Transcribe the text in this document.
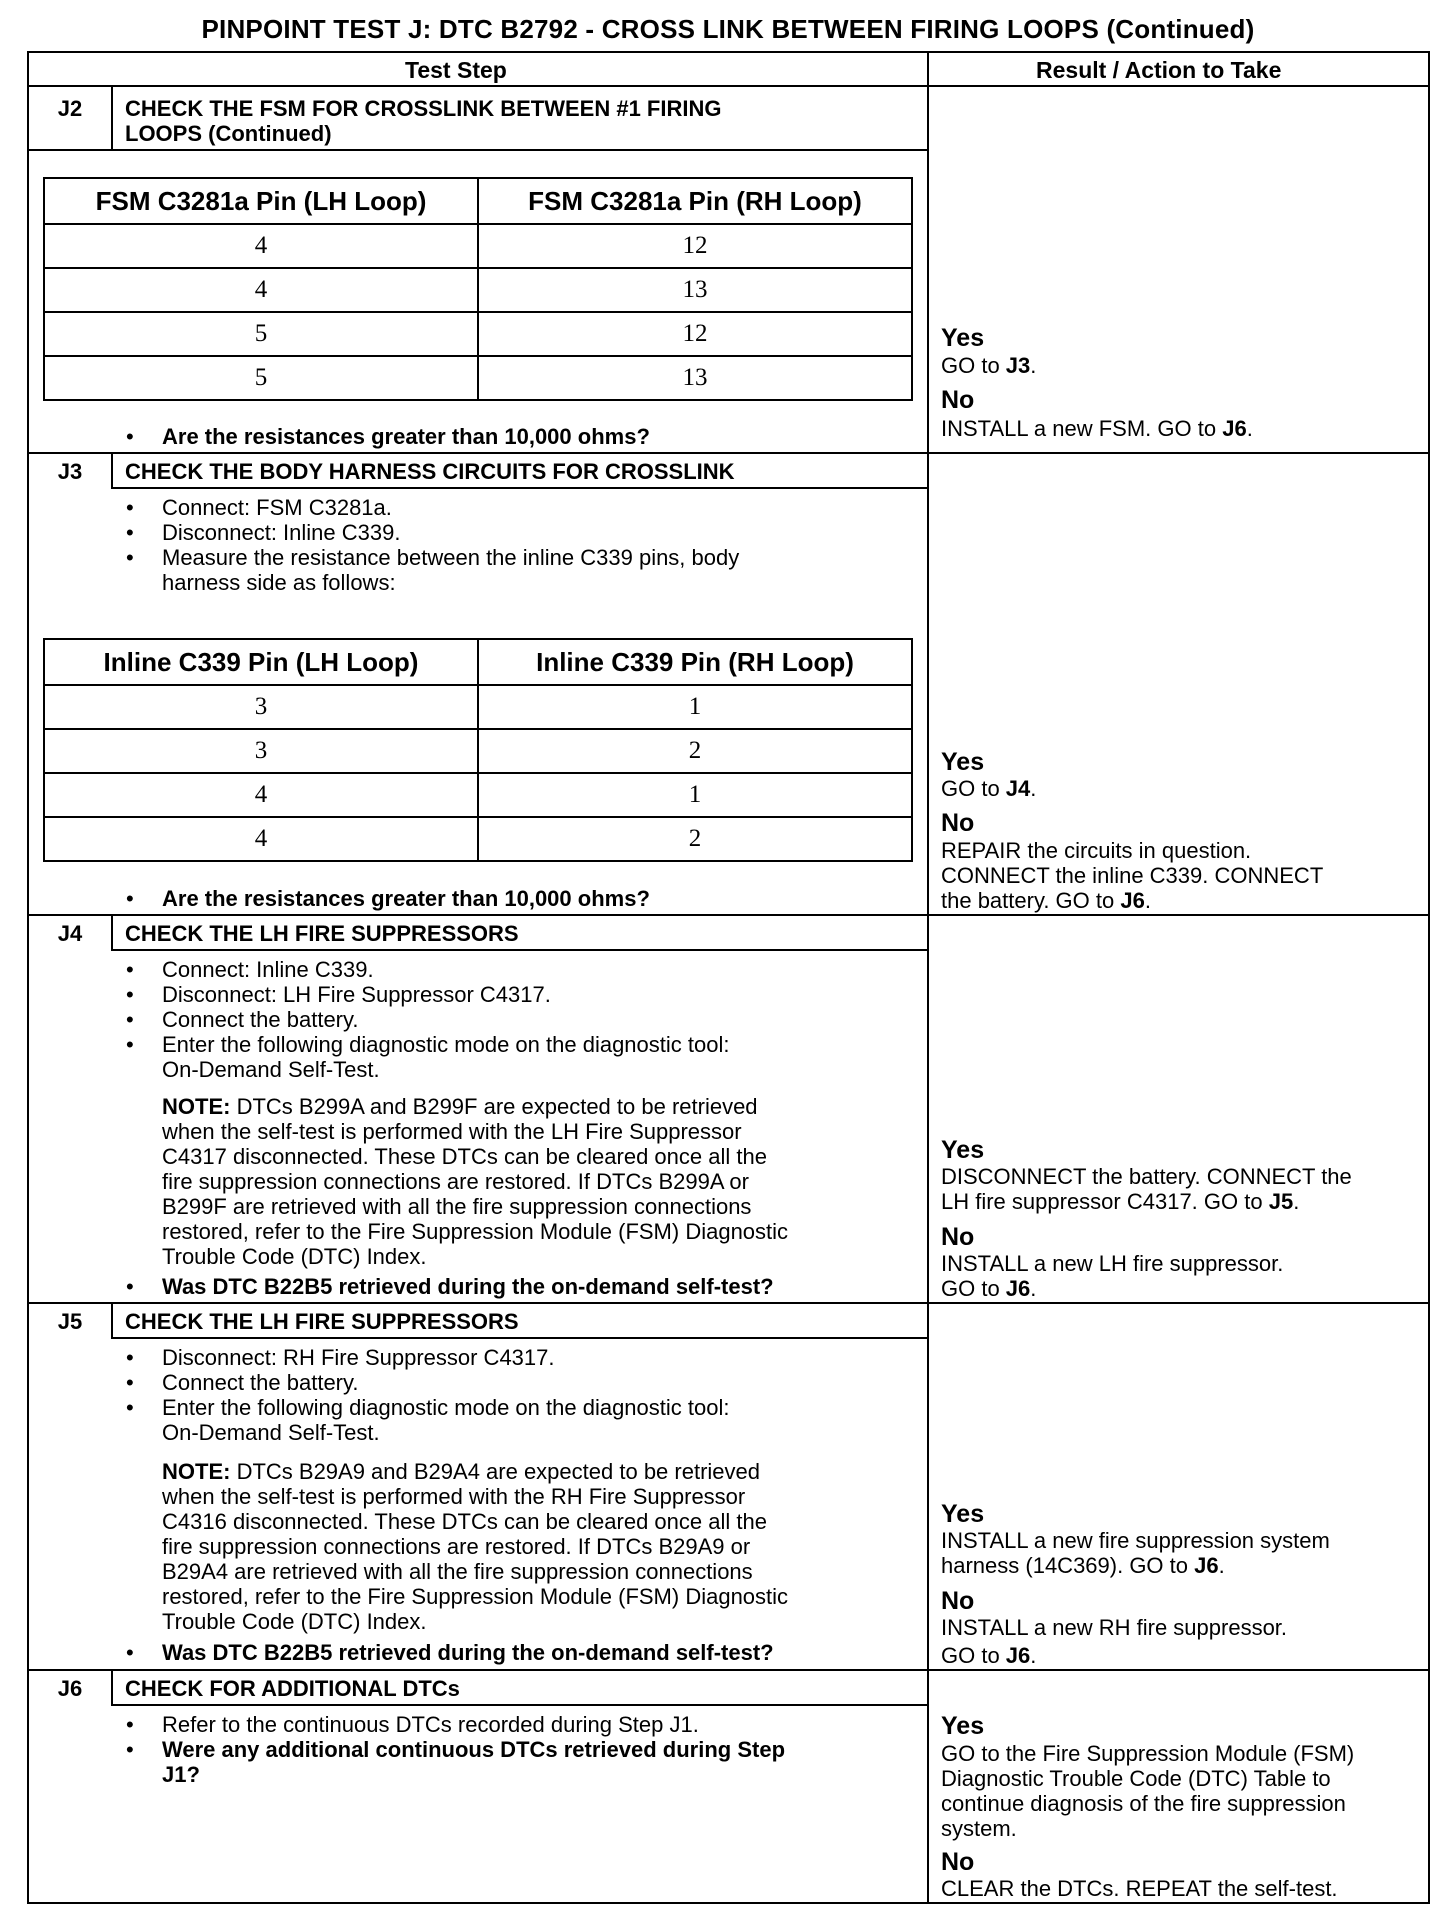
PINPOINT TEST J: DTC B2792 - CROSS LINK BETWEEN FIRING LOOPS (Continued)
Test Step	Result / Action to Take
J2	CHECK THE FSM FOR CROSSLINK BETWEEN #1 FIRING
LOOPS (Continued)
FSM C3281a Pin (LH Loop)	FSM C3281a Pin (RH Loop)
4	12
4	13
5	12
5	13
• Are the resistances greater than 10,000 ohms?
Yes
GO to J3.
No
INSTALL a new FSM. GO to J6.
J3	CHECK THE BODY HARNESS CIRCUITS FOR CROSSLINK
• Connect: FSM C3281a.
• Disconnect: Inline C339.
• Measure the resistance between the inline C339 pins, body
harness side as follows:
Inline C339 Pin (LH Loop)	Inline C339 Pin (RH Loop)
3	1
3	2
4	1
4	2
• Are the resistances greater than 10,000 ohms?
Yes
GO to J4.
No
REPAIR the circuits in question.
CONNECT the inline C339. CONNECT
the battery. GO to J6.
J4	CHECK THE LH FIRE SUPPRESSORS
• Connect: Inline C339.
• Disconnect: LH Fire Suppressor C4317.
• Connect the battery.
• Enter the following diagnostic mode on the diagnostic tool:
On-Demand Self-Test.
NOTE: DTCs B299A and B299F are expected to be retrieved
when the self-test is performed with the LH Fire Suppressor
C4317 disconnected. These DTCs can be cleared once all the
fire suppression connections are restored. If DTCs B299A or
B299F are retrieved with all the fire suppression connections
restored, refer to the Fire Suppression Module (FSM) Diagnostic
Trouble Code (DTC) Index.
• Was DTC B22B5 retrieved during the on-demand self-test?
Yes
DISCONNECT the battery. CONNECT the
LH fire suppressor C4317. GO to J5.
No
INSTALL a new LH fire suppressor.
GO to J6.
J5	CHECK THE LH FIRE SUPPRESSORS
• Disconnect: RH Fire Suppressor C4317.
• Connect the battery.
• Enter the following diagnostic mode on the diagnostic tool:
On-Demand Self-Test.
NOTE: DTCs B29A9 and B29A4 are expected to be retrieved
when the self-test is performed with the RH Fire Suppressor
C4316 disconnected. These DTCs can be cleared once all the
fire suppression connections are restored. If DTCs B29A9 or
B29A4 are retrieved with all the fire suppression connections
restored, refer to the Fire Suppression Module (FSM) Diagnostic
Trouble Code (DTC) Index.
• Was DTC B22B5 retrieved during the on-demand self-test?
Yes
INSTALL a new fire suppression system
harness (14C369). GO to J6.
No
INSTALL a new RH fire suppressor.
GO to J6.
J6	CHECK FOR ADDITIONAL DTCs
• Refer to the continuous DTCs recorded during Step J1.
• Were any additional continuous DTCs retrieved during Step
J1?
Yes
GO to the Fire Suppression Module (FSM)
Diagnostic Trouble Code (DTC) Table to
continue diagnosis of the fire suppression
system.
No
CLEAR the DTCs. REPEAT the self-test.
